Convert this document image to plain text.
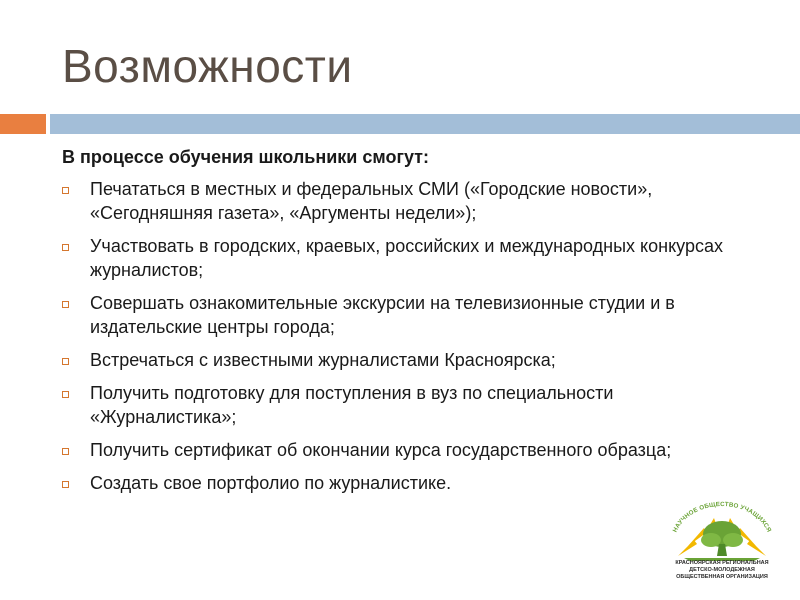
Возможности

В процессе обучения школьники смогут:

Печататься в местных и федеральных СМИ («Городские новости», «Сегодняшняя газета», «Аргументы недели»);
Участвовать в городских, краевых, российских и международных конкурсах журналистов;
Совершать ознакомительные экскурсии на телевизионные студии и в издательские центры города;
Встречаться с известными журналистами Красноярска;
Получить подготовку для поступления в вуз по специальности «Журналистика»;
Получить сертификат об окончании курса государственного образца;
Создать свое портфолио по журналистике.
НАУЧНОЕ ОБЩЕСТВО УЧАЩИХСЯ
КРАСНОЯРСКАЯ РЕГИОНАЛЬНАЯ
ДЕТСКО-МОЛОДЕЖНАЯ
ОБЩЕСТВЕННАЯ ОРГАНИЗАЦИЯ
